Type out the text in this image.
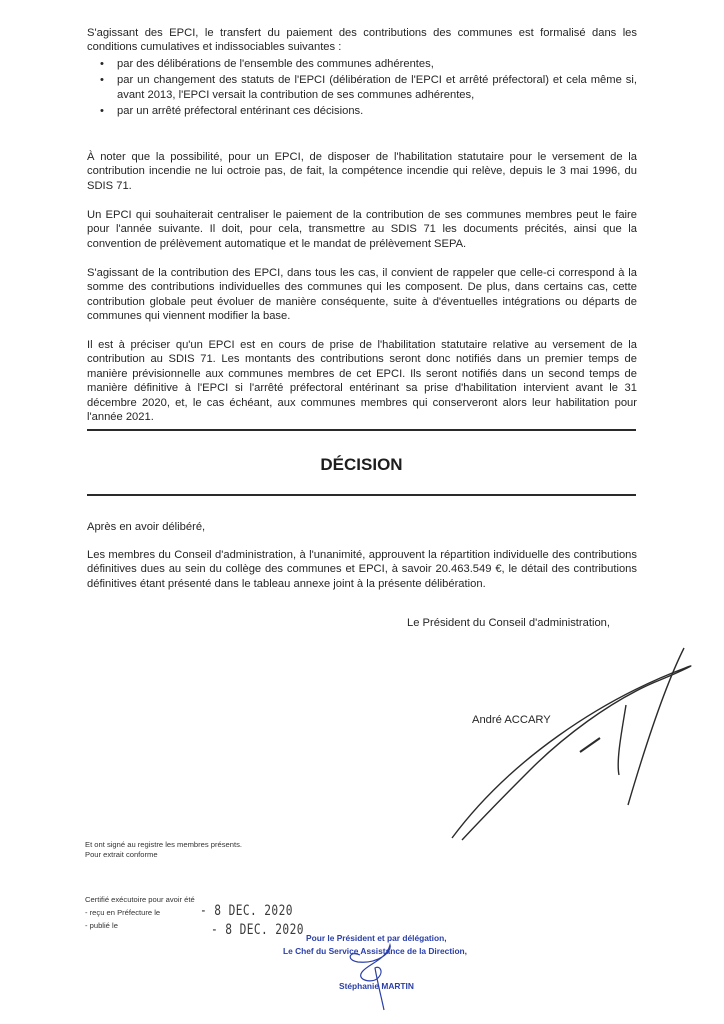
S'agissant des EPCI, le transfert du paiement des contributions des communes est formalisé dans les conditions cumulatives et indissociables suivantes :

• par des délibérations de l'ensemble des communes adhérentes,
• par un changement des statuts de l'EPCI (délibération de l'EPCI et arrêté préfectoral) et cela même si, avant 2013, l'EPCI versait la contribution de ses communes adhérentes,
• par un arrêté préfectoral entérinant ces décisions.

À noter que la possibilité, pour un EPCI, de disposer de l'habilitation statutaire pour le versement de la contribution incendie ne lui octroie pas, de fait, la compétence incendie qui relève, depuis le 3 mai 1996, du SDIS 71.

Un EPCI qui souhaiterait centraliser le paiement de la contribution de ses communes membres peut le faire pour l'année suivante. Il doit, pour cela, transmettre au SDIS 71 les documents précités, ainsi que la convention de prélèvement automatique et le mandat de prélèvement SEPA.

S'agissant de la contribution des EPCI, dans tous les cas, il convient de rappeler que celle-ci correspond à la somme des contributions individuelles des communes qui les composent. De plus, dans certains cas, cette contribution globale peut évoluer de manière conséquente, suite à d'éventuelles intégrations ou départs de communes qui viennent modifier la base.

Il est à préciser qu'un EPCI est en cours de prise de l'habilitation statutaire relative au versement de la contribution au SDIS 71. Les montants des contributions seront donc notifiés dans un premier temps de manière prévisionnelle aux communes membres de cet EPCI. Ils seront notifiés dans un second temps de manière définitive à l'EPCI si l'arrêté préfectoral entérinant sa prise d'habilitation intervient avant le 31 décembre 2020, et, le cas échéant, aux communes membres qui conserveront alors leur habilitation pour l'année 2021.

DÉCISION

Après en avoir délibéré,

Les membres du Conseil d'administration, à l'unanimité, approuvent la répartition individuelle des contributions définitives dues au sein du collège des communes et EPCI, à savoir 20.463.549 €, le détail des contributions définitives étant présenté dans le tableau annexe joint à la présente délibération.

Le Président du Conseil d'administration,

André ACCARY

Et ont signé au registre les membres présents.
Pour extrait conforme
Certifié exécutoire pour avoir été
- reçu en Préfecture le
- publié le
- 8 DEC. 2020
- 8 DEC. 2020 Pour le Président et par délégation,
Le Chef du Service Assistance de la Direction,
Stéphanie MARTIN
